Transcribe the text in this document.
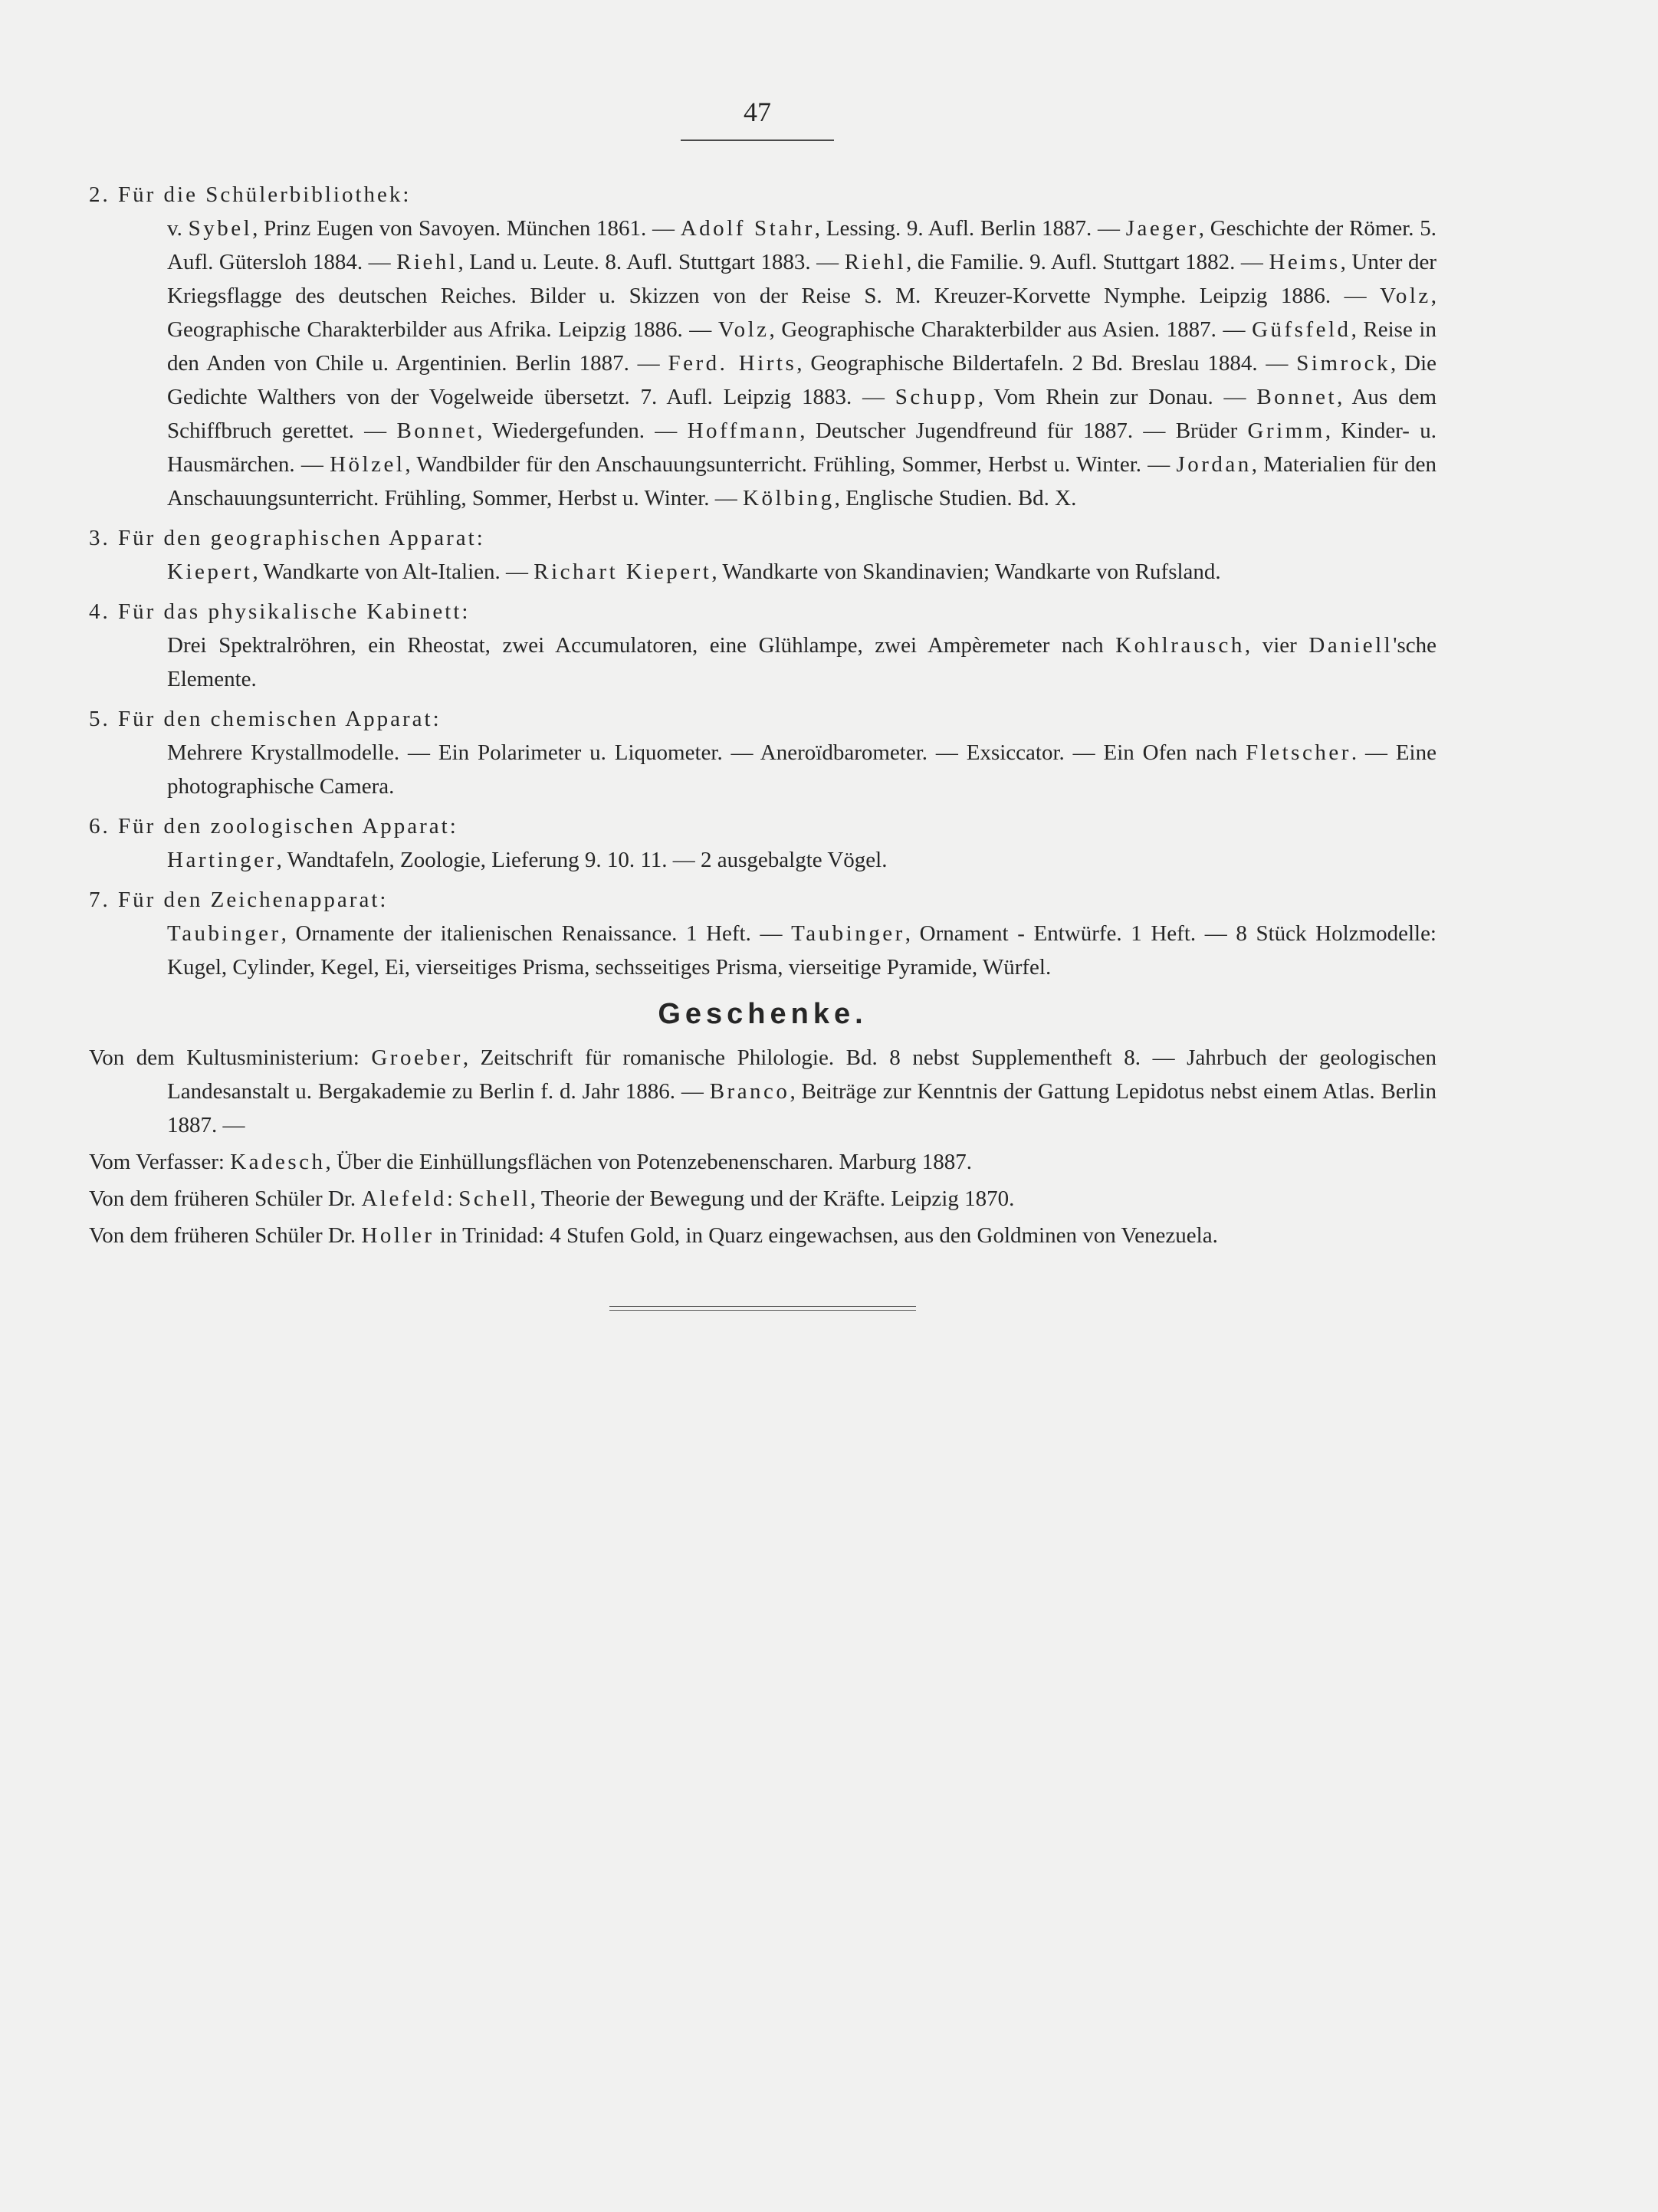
47
2. Für die Schülerbibliothek:
v. Sybel, Prinz Eugen von Savoyen. München 1861. — Adolf Stahr, Lessing. 9. Aufl. Berlin 1887. — Jaeger, Geschichte der Römer. 5. Aufl. Gütersloh 1884. — Riehl, Land u. Leute. 8. Aufl. Stuttgart 1883. — Riehl, die Familie. 9. Aufl. Stuttgart 1882. — Heims, Unter der Kriegsflagge des deutschen Reiches. Bilder u. Skizzen von der Reise S. M. Kreuzer-Korvette Nymphe. Leipzig 1886. — Volz, Geographische Charakterbilder aus Afrika. Leipzig 1886. — Volz, Geographische Charakterbilder aus Asien. 1887. — Güfsfeld, Reise in den Anden von Chile u. Argentinien. Berlin 1887. — Ferd. Hirts, Geographische Bildertafeln. 2 Bd. Breslau 1884. — Simrock, Die Gedichte Walthers von der Vogelweide übersetzt. 7. Aufl. Leipzig 1883. — Schupp, Vom Rhein zur Donau. — Bonnet, Aus dem Schiffbruch gerettet. — Bonnet, Wiedergefunden. — Hoffmann, Deutscher Jugendfreund für 1887. — Brüder Grimm, Kinder- u. Hausmärchen. — Hölzel, Wandbilder für den Anschauungsunterricht. Frühling, Sommer, Herbst u. Winter. — Jordan, Materialien für den Anschauungsunterricht. Frühling, Sommer, Herbst u. Winter. — Kölbing, Englische Studien. Bd. X.
3. Für den geographischen Apparat:
Kiepert, Wandkarte von Alt-Italien. — Richart Kiepert, Wandkarte von Skandinavien; Wandkarte von Rufsland.
4. Für das physikalische Kabinett:
Drei Spektralröhren, ein Rheostat, zwei Accumulatoren, eine Glühlampe, zwei Ampèremeter nach Kohlrausch, vier Daniell'sche Elemente.
5. Für den chemischen Apparat:
Mehrere Krystallmodelle. — Ein Polarimeter u. Liquometer. — Aneroïdbarometer. — Exsiccator. — Ein Ofen nach Fletscher. — Eine photographische Camera.
6. Für den zoologischen Apparat:
Hartinger, Wandtafeln, Zoologie, Lieferung 9. 10. 11. — 2 ausgebalgte Vögel.
7. Für den Zeichenapparat:
Taubinger, Ornamente der italienischen Renaissance. 1 Heft. — Taubinger, Ornament - Entwürfe. 1 Heft. — 8 Stück Holzmodelle: Kugel, Cylinder, Kegel, Ei, vierseitiges Prisma, sechsseitiges Prisma, vierseitige Pyramide, Würfel.
Geschenke.
Von dem Kultusministerium: Groeber, Zeitschrift für romanische Philologie. Bd. 8 nebst Supplementheft 8. — Jahrbuch der geologischen Landesanstalt u. Bergakademie zu Berlin f. d. Jahr 1886. — Branco, Beiträge zur Kenntnis der Gattung Lepidotus nebst einem Atlas. Berlin 1887. —
Vom Verfasser: Kadesch, Über die Einhüllungsflächen von Potenzebenenscharen. Marburg 1887.
Von dem früheren Schüler Dr. Alefeld: Schell, Theorie der Bewegung und der Kräfte. Leipzig 1870.
Von dem früheren Schüler Dr. Holler in Trinidad: 4 Stufen Gold, in Quarz eingewachsen, aus den Goldminen von Venezuela.
